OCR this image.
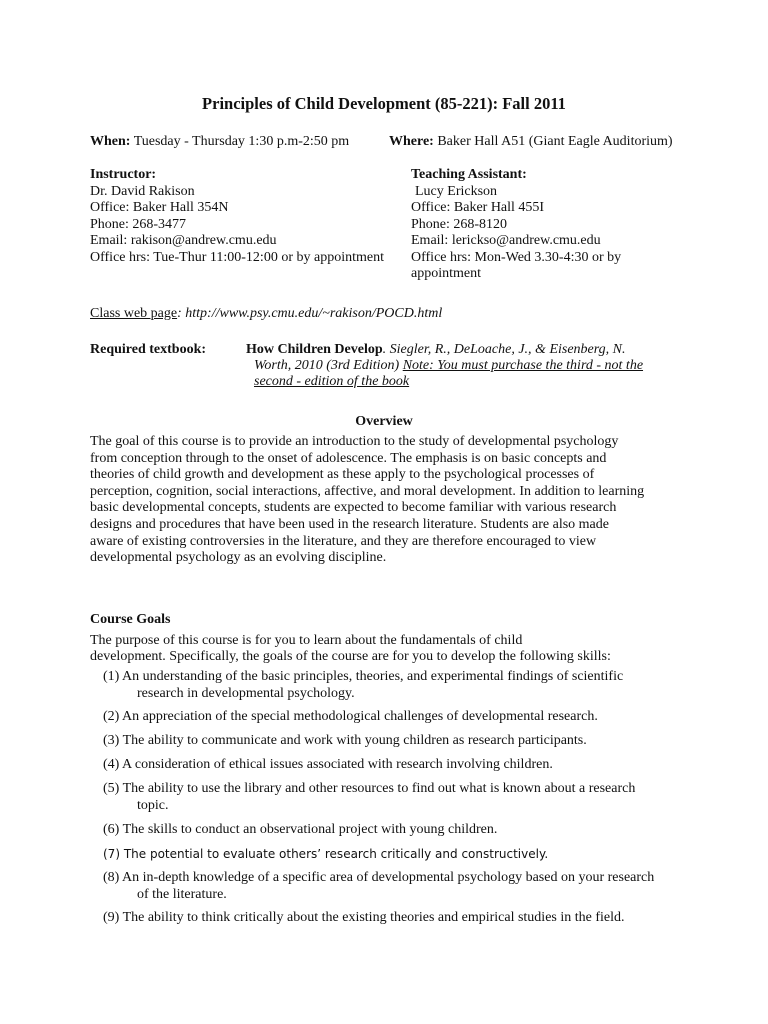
Principles of Child Development (85-221): Fall 2011
When: Tuesday - Thursday 1:30 p.m-2:50 pm	Where: Baker Hall A51 (Giant Eagle Auditorium)
Instructor:
Dr. David Rakison
Office: Baker Hall 354N
Phone: 268-3477
Email: rakison@andrew.cmu.edu
Office hrs: Tue-Thur 11:00-12:00 or by appointment
Teaching Assistant:
Lucy Erickson
Office: Baker Hall 455I
Phone: 268-8120
Email: lerickso@andrew.cmu.edu
Office hrs: Mon-Wed 3.30-4:30 or by
appointment
Class web page: http://www.psy.cmu.edu/~rakison/POCD.html
Required textbook:	How Children Develop. Siegler, R., DeLoache, J., & Eisenberg, N.
Worth, 2010 (3rd Edition) Note: You must purchase the third - not the
second - edition of the book
Overview
The goal of this course is to provide an introduction to the study of developmental psychology
from conception through to the onset of adolescence. The emphasis is on basic concepts and
theories of child growth and development as these apply to the psychological processes of
perception, cognition, social interactions, affective, and moral development. In addition to learning
basic developmental concepts, students are expected to become familiar with various research
designs and procedures that have been used in the research literature. Students are also made
aware of existing controversies in the literature, and they are therefore encouraged to view
developmental psychology as an evolving discipline.
Course Goals
The purpose of this course is for you to learn about the fundamentals of child
development. Specifically, the goals of the course are for you to develop the following skills:
(1) An understanding of the basic principles, theories, and experimental findings of scientific
research in developmental psychology.
(2) An appreciation of the special methodological challenges of developmental research.
(3) The ability to communicate and work with young children as research participants.
(4) A consideration of ethical issues associated with research involving children.
(5) The ability to use the library and other resources to find out what is known about a research
topic.
(6) The skills to conduct an observational project with young children.
(7) The potential to evaluate others’ research critically and constructively.
(8) An in-depth knowledge of a specific area of developmental psychology based on your research
of the literature.
(9) The ability to think critically about the existing theories and empirical studies in the field.
